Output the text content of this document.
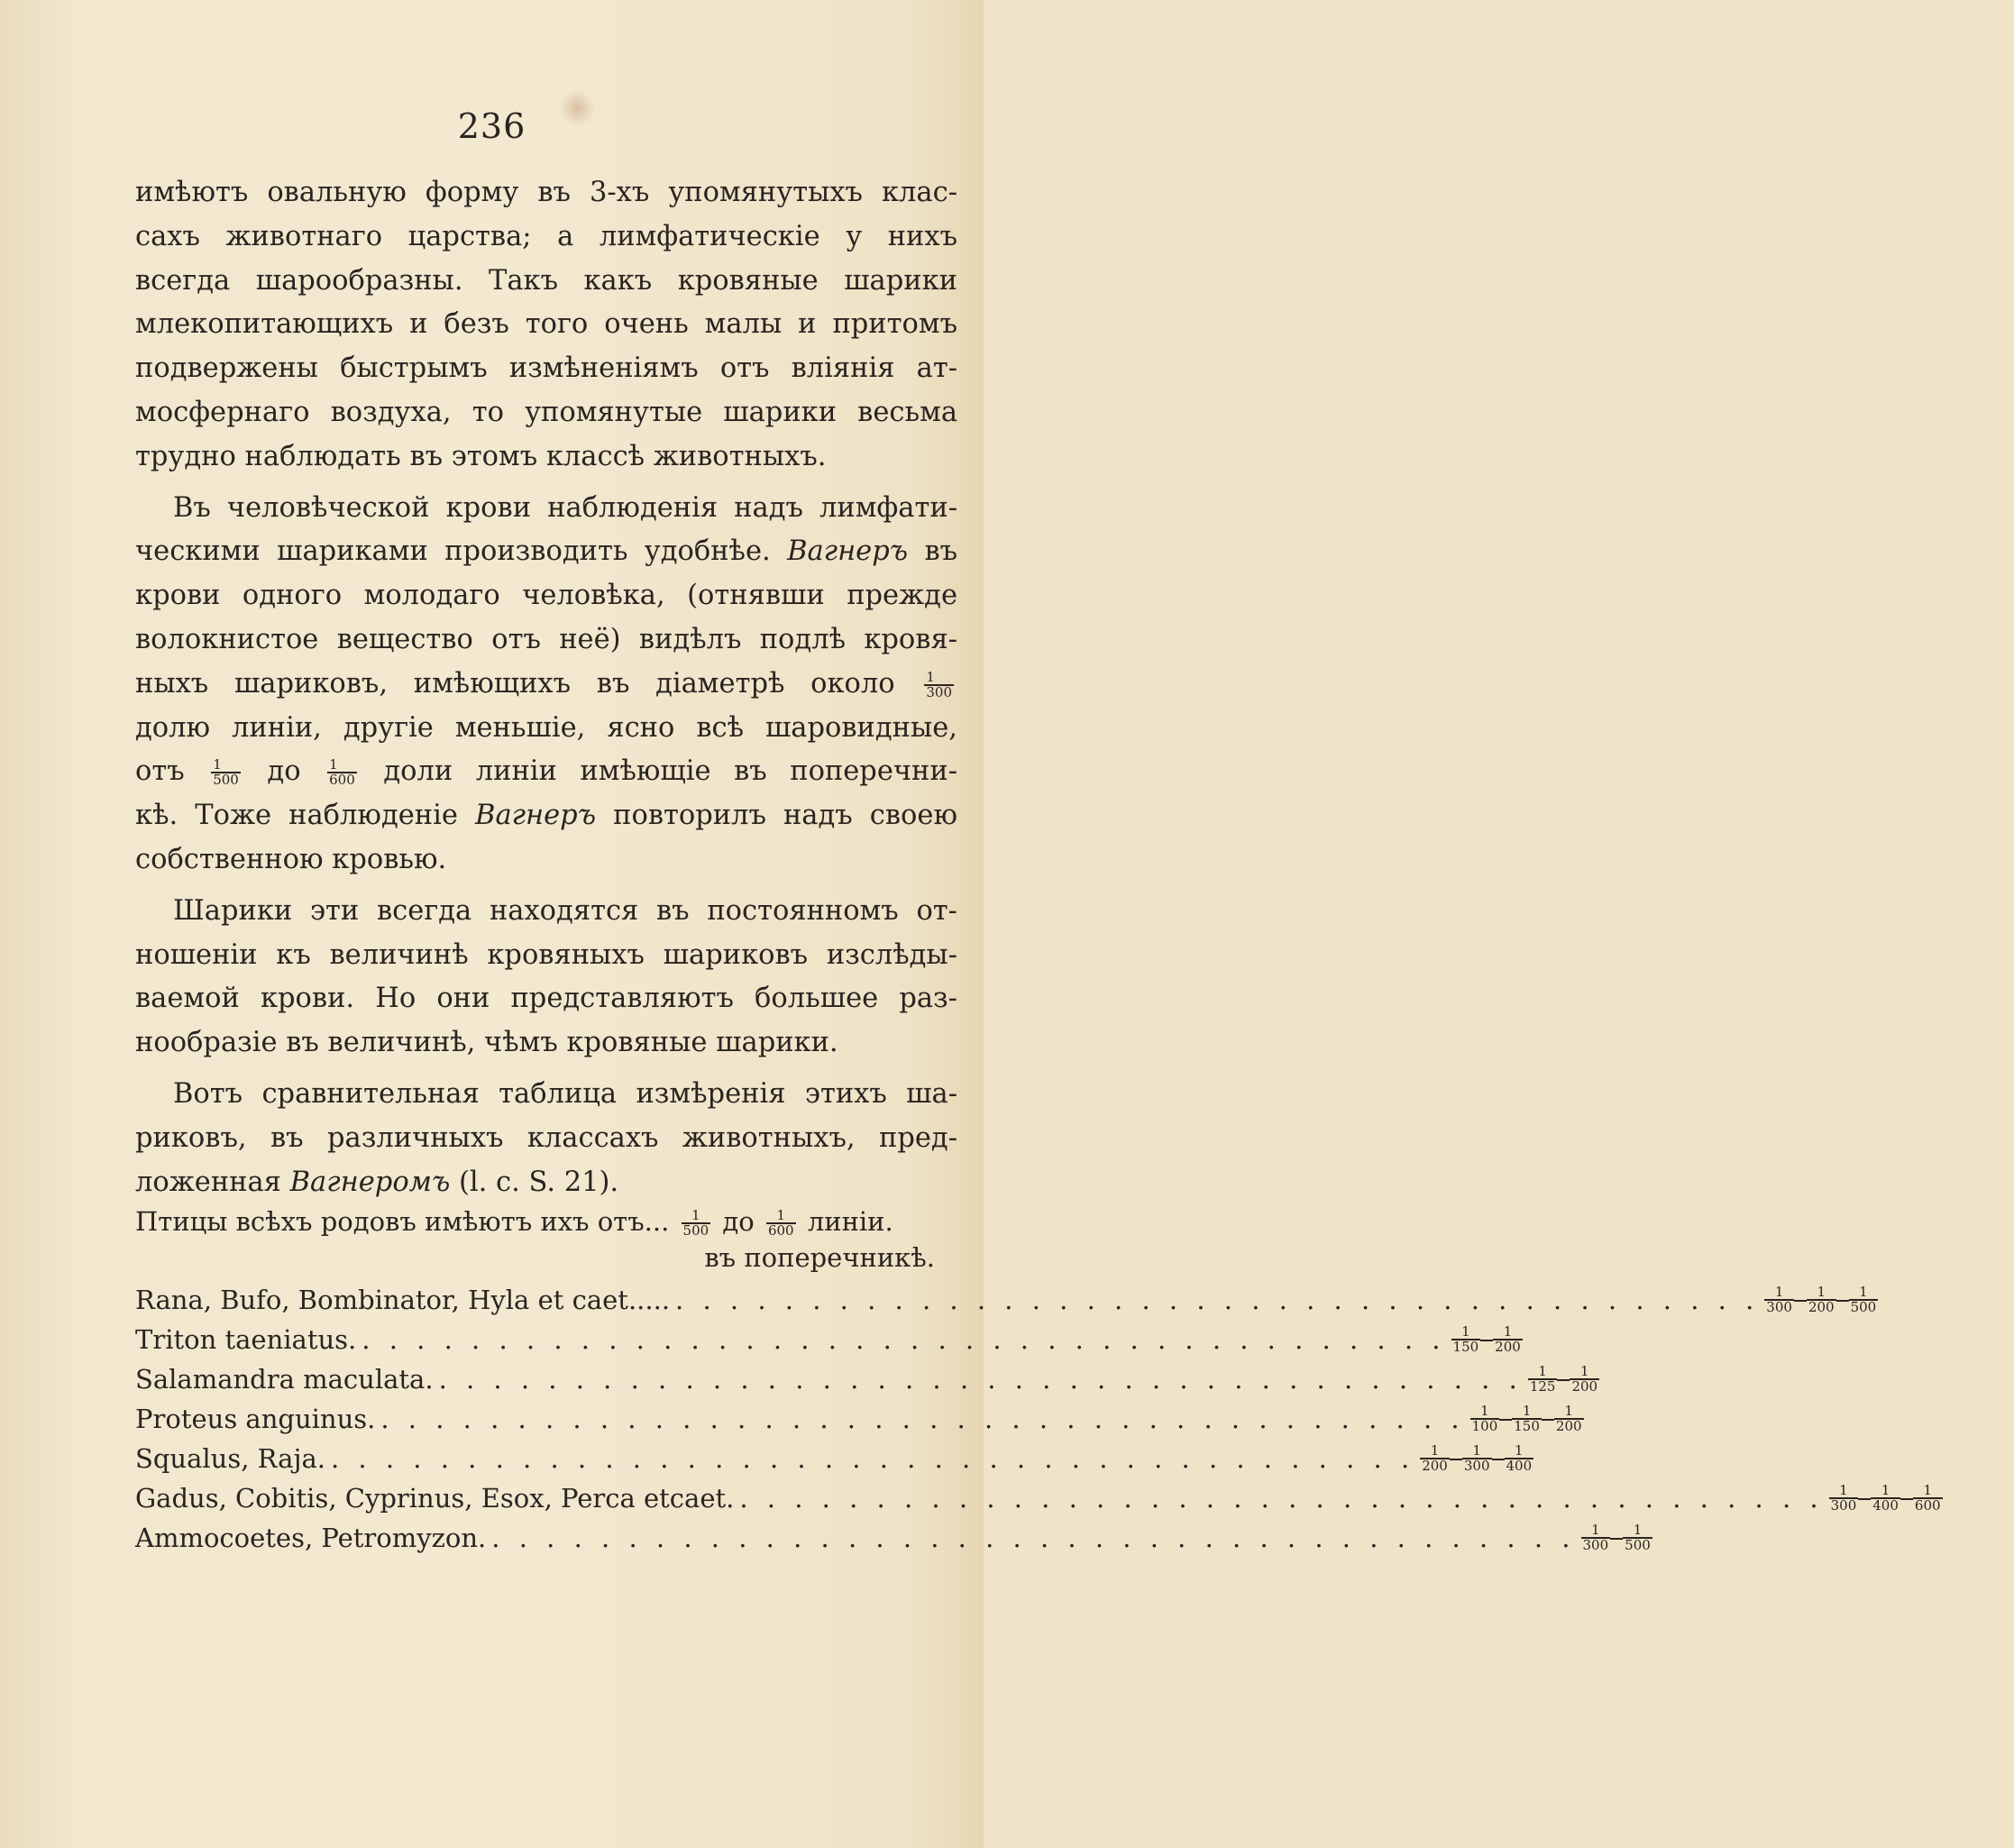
236
имѣютъ овальную форму въ 3-хъ упомянутыхъ клас-
сахъ животнаго царства; а лимфатическіе у нихъ
всегда шарообразны. Такъ какъ кровяные шарики
млекопитающихъ и безъ того очень малы и притомъ
подвержены быстрымъ измѣненіямъ отъ вліянія ат-
мосфернаго воздуха, то упомянутые шарики весьма
трудно наблюдать въ этомъ классѣ животныхъ.
Въ человѣческой крови наблюденія надъ лимфати-
ческими шариками производить удобнѣе. Вагнеръ въ
крови одного молодаго человѣка, (отнявши прежде
волокнистое вещество отъ неё) видѣлъ подлѣ кровя-
ныхъ шариковъ, имѣющихъ въ діаметрѣ около $\frac{1}{300}$
долю линіи, другіе меньшіе, ясно всѣ шаровидные,
отъ $\frac{1}{500}$ до $\frac{1}{600}$ доли линіи имѣющіе въ поперечни-
кѣ. Тоже наблюденіе Вагнеръ повторилъ надъ своею
собственною кровью.
Шарики эти всегда находятся въ постоянномъ от-
ношеніи къ величинѣ кровяныхъ шариковъ изслѣды-
ваемой крови. Но они представляютъ большее раз-
нообразіе въ величинѣ, чѣмъ кровяные шарики.
Вотъ сравнительная таблица измѣренія этихъ ша-
риковъ, въ различныхъ классахъ животныхъ, пред-
ложенная Вагнеромъ (l. c. S. 21).
Птицы всѣхъ родовъ имѣютъ ихъ отъ... $\frac{1}{500}$ до $\frac{1}{600}$ линіи.
въ поперечникѣ.
Rana, Bufo, Bombinator, Hyla et caet..... . . . . . . . . . . . . . . . . . . . . . . . . . . . . . . . . . . . . . . . . $\frac{1}{300} \frac{1}{200} \frac{1}{500}$
Triton taeniatus. . . . . . . . . . . . . . . . . . . . . . . . . . . . . . . . . . . . . . . . . $\frac{1}{150} \frac{1}{200}$
Salamandra maculata. . . . . . . . . . . . . . . . . . . . . . . . . . . . . . . . . . . . . . . . . $\frac{1}{125} \frac{1}{200}$
Proteus anguinus. . . . . . . . . . . . . . . . . . . . . . . . . . . . . . . . . . . . . . . . . $\frac{1}{100} \frac{1}{150} \frac{1}{200}$
Squalus, Raja. . . . . . . . . . . . . . . . . . . . . . . . . . . . . . . . . . . . . . . . . $\frac{1}{200} \frac{1}{300} \frac{1}{400}$
Gadus, Cobitis, Cyprinus, Esox, Perca etcaet. . . . . . . . . . . . . . . . . . . . . . . . . . . . . . . . . . . . . . . . . $\frac{1}{300} \frac{1}{400} \frac{1}{600}$
Ammocoetes, Petromyzon. . . . . . . . . . . . . . . . . . . . . . . . . . . . . . . . . . . . . . . . . $\frac{1}{300} \frac{1}{500}$
